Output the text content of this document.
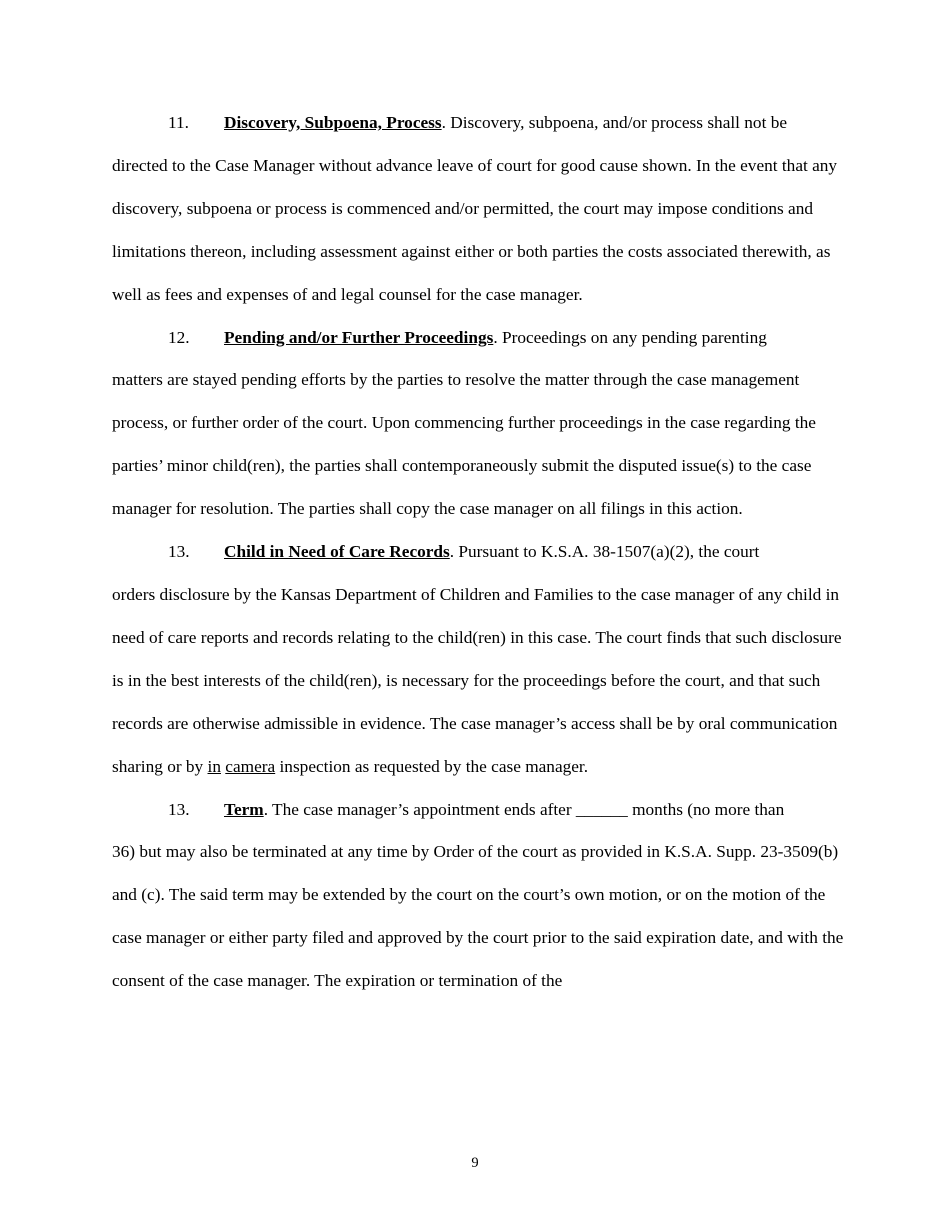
11. Discovery, Subpoena, Process. Discovery, subpoena, and/or process shall not be
directed to the Case Manager without advance leave of court for good cause shown. In the event that any discovery, subpoena or process is commenced and/or permitted, the court may impose conditions and limitations thereon, including assessment against either or both parties the costs associated therewith, as well as fees and expenses of and legal counsel for the case manager.

12. Pending and/or Further Proceedings. Proceedings on any pending parenting
matters are stayed pending efforts by the parties to resolve the matter through the case management process, or further order of the court. Upon commencing further proceedings in the case regarding the parties’ minor child(ren), the parties shall contemporaneously submit the disputed issue(s) to the case manager for resolution. The parties shall copy the case manager on all filings in this action.

13. Child in Need of Care Records. Pursuant to K.S.A. 38-1507(a)(2), the court
orders disclosure by the Kansas Department of Children and Families to the case manager of any child in need of care reports and records relating to the child(ren) in this case. The court finds that such disclosure is in the best interests of the child(ren), is necessary for the proceedings before the court, and that such records are otherwise admissible in evidence. The case manager’s access shall be by oral communication sharing or by in camera inspection as requested by the case manager.

13. Term. The case manager’s appointment ends after ______ months (no more than
36) but may also be terminated at any time by Order of the court as provided in K.S.A. Supp. 23-3509(b) and (c). The said term may be extended by the court on the court’s own motion, or on the motion of the case manager or either party filed and approved by the court prior to the said expiration date, and with the consent of the case manager. The expiration or termination of the

9
